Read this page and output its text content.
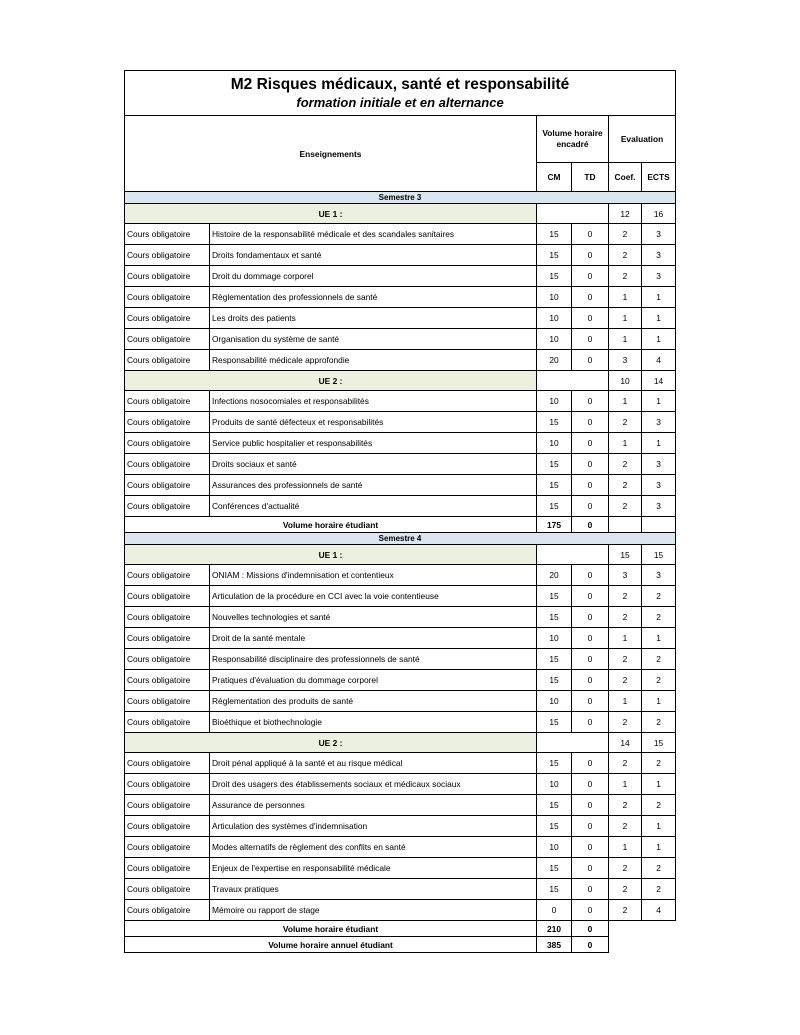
M2 Risques médicaux, santé et responsabilité
formation initiale et en alternance					

Enseignements		Volume horaire encadré		Evaluation	
		CM	TD	Coef.	ECTS
Semestre 3					
UE 1 :				12	16
Cours obligatoire	Histoire de la responsabilité médicale et des scandales sanitaires	15	0	2	3
Cours obligatoire	Droits fondamentaux et santé	15	0	2	3
Cours obligatoire	Droit du dommage corporel	15	0	2	3
Cours obligatoire	Règlementation des professionnels de santé	10	0	1	1
Cours obligatoire	Les droits des patients	10	0	1	1
Cours obligatoire	Organisation du système de santé	10	0	1	1
Cours obligatoire	Responsabilité médicale approfondie	20	0	3	4
UE 2 :				10	14
Cours obligatoire	Infections nosocomiales et responsabilités	10	0	1	1
Cours obligatoire	Produits de santé défecteux et responsabilités	15	0	2	3
Cours obligatoire	Service public hospitalier et responsabilités	10	0	1	1
Cours obligatoire	Droits sociaux et santé	15	0	2	3
Cours obligatoire	Assurances des professionnels de santé	15	0	2	3
Cours obligatoire	Conférences d'actualité	15	0	2	3
Volume horaire étudiant		175	0		
Semestre 4					
UE 1 :				15	15
Cours obligatoire	ONIAM : Missions d'indemnisation et contentieux	20	0	3	3
Cours obligatoire	Articulation de la procédure en CCI avec la voie contentieuse	15	0	2	2
Cours obligatoire	Nouvelles technologies et santé	15	0	2	2
Cours obligatoire	Droit de la santé mentale	10	0	1	1
Cours obligatoire	Responsabilité disciplinaire des professionnels de santé	15	0	2	2
Cours obligatoire	Pratiques d'évaluation du dommage corporel	15	0	2	2
Cours obligatoire	Réglementation des produits de santé	10	0	1	1
Cours obligatoire	Bioéthique et biothechnologie	15	0	2	2
UE 2 :				14	15
Cours obligatoire	Droit pénal appliqué à la santé et au risque médical	15	0	2	2
Cours obligatoire	Droit des usagers des établissements sociaux et médicaux sociaux	10	0	1	1
Cours obligatoire	Assurance de personnes	15	0	2	2
Cours obligatoire	Articulation des systèmes d'indemnisation	15	0	2	1
Cours obligatoire	Modes alternatifs de règlement des conflits en santé	10	0	1	1
Cours obligatoire	Enjeux de l'expertise en responsabilité médicale	15	0	2	2
Cours obligatoire	Travaux pratiques	15	0	2	2
Cours obligatoire	Mémoire ou rapport de stage	0	0	2	4
Volume horaire étudiant		210	0		
Volume horaire annuel étudiant		385	0		
